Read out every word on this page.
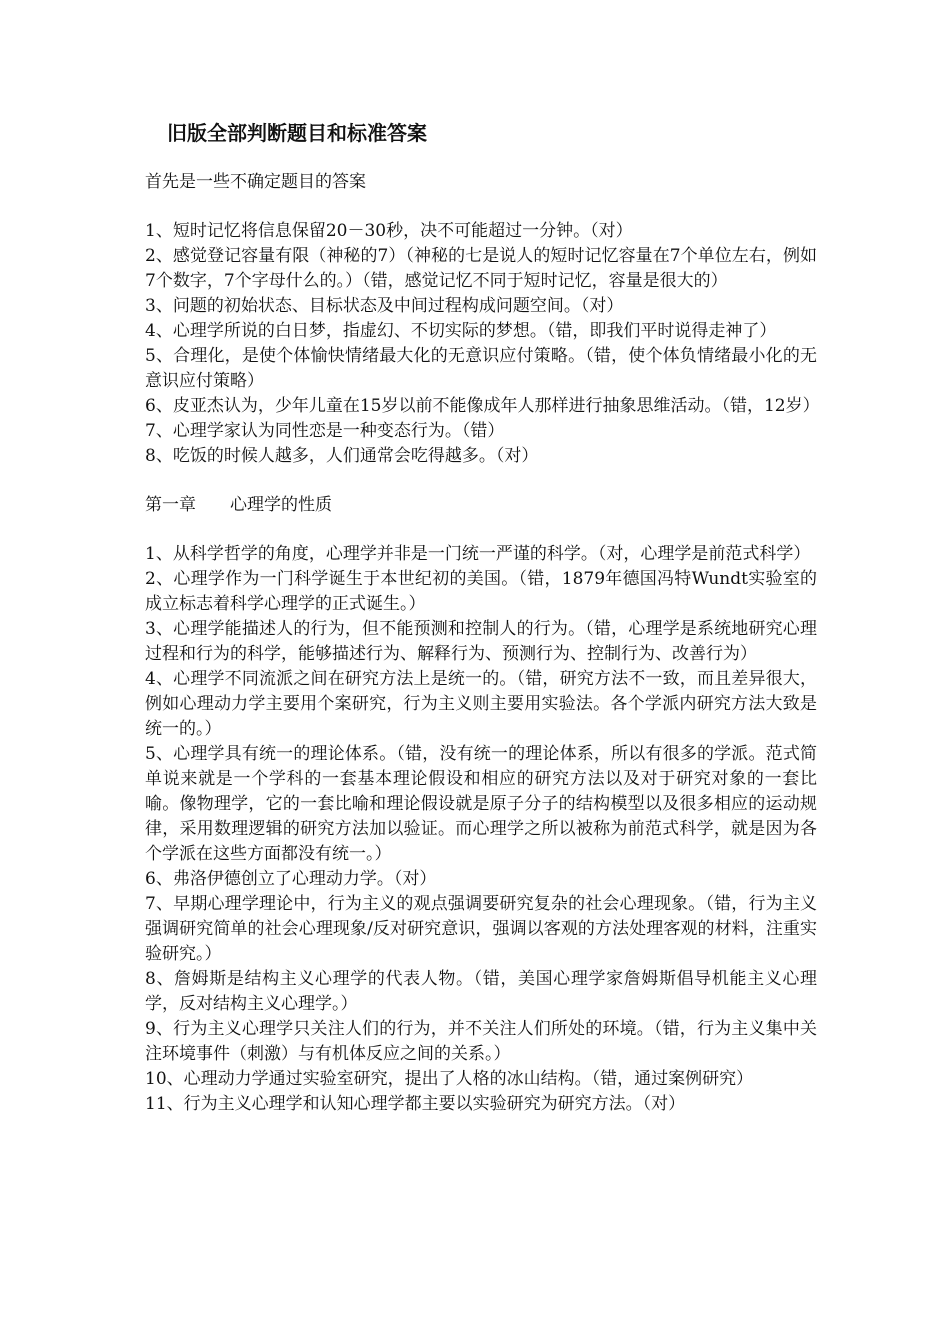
旧版全部判断题目和标准答案
首先是一些不确定题目的答案

1、短时记忆将信息保留20－30秒，决不可能超过一分钟。（对）

2、感觉登记容量有限（神秘的7）（神秘的七是说人的短时记忆容量在7个单位左右，例如7个数字，7个字母什么的。）（错，感觉记忆不同于短时记忆，容量是很大的）

3、问题的初始状态、目标状态及中间过程构成问题空间。（对）

4、心理学所说的白日梦，指虚幻、不切实际的梦想。（错，即我们平时说得走神了）

5、合理化，是使个体愉快情绪最大化的无意识应付策略。（错，使个体负情绪最小化的无意识应付策略）

6、皮亚杰认为，少年儿童在15岁以前不能像成年人那样进行抽象思维活动。（错，12岁）

7、心理学家认为同性恋是一种变态行为。（错）

8、吃饭的时候人越多，人们通常会吃得越多。（对）

第一章　　心理学的性质

1、从科学哲学的角度，心理学并非是一门统一严谨的科学。（对，心理学是前范式科学）

2、心理学作为一门科学诞生于本世纪初的美国。（错，1879年德国冯特Wundt实验室的成立标志着科学心理学的正式诞生。）

3、心理学能描述人的行为，但不能预测和控制人的行为。（错，心理学是系统地研究心理过程和行为的科学，能够描述行为、解释行为、预测行为、控制行为、改善行为）

4、心理学不同流派之间在研究方法上是统一的。（错，研究方法不一致，而且差异很大，例如心理动力学主要用个案研究，行为主义则主要用实验法。各个学派内研究方法大致是统一的。）

5、心理学具有统一的理论体系。（错，没有统一的理论体系，所以有很多的学派。范式简单说来就是一个学科的一套基本理论假设和相应的研究方法以及对于研究对象的一套比喻。像物理学，它的一套比喻和理论假设就是原子分子的结构模型以及很多相应的运动规律，采用数理逻辑的研究方法加以验证。而心理学之所以被称为前范式科学，就是因为各个学派在这些方面都没有统一。）

6、弗洛伊德创立了心理动力学。（对）

7、早期心理学理论中，行为主义的观点强调要研究复杂的社会心理现象。（错，行为主义强调研究简单的社会心理现象/反对研究意识，强调以客观的方法处理客观的材料，注重实验研究。）

8、詹姆斯是结构主义心理学的代表人物。（错，美国心理学家詹姆斯倡导机能主义心理学，反对结构主义心理学。）

9、行为主义心理学只关注人们的行为，并不关注人们所处的环境。（错，行为主义集中关注环境事件（刺激）与有机体反应之间的关系。）

10、心理动力学通过实验室研究，提出了人格的冰山结构。（错，通过案例研究）

11、行为主义心理学和认知心理学都主要以实验研究为研究方法。（对）
